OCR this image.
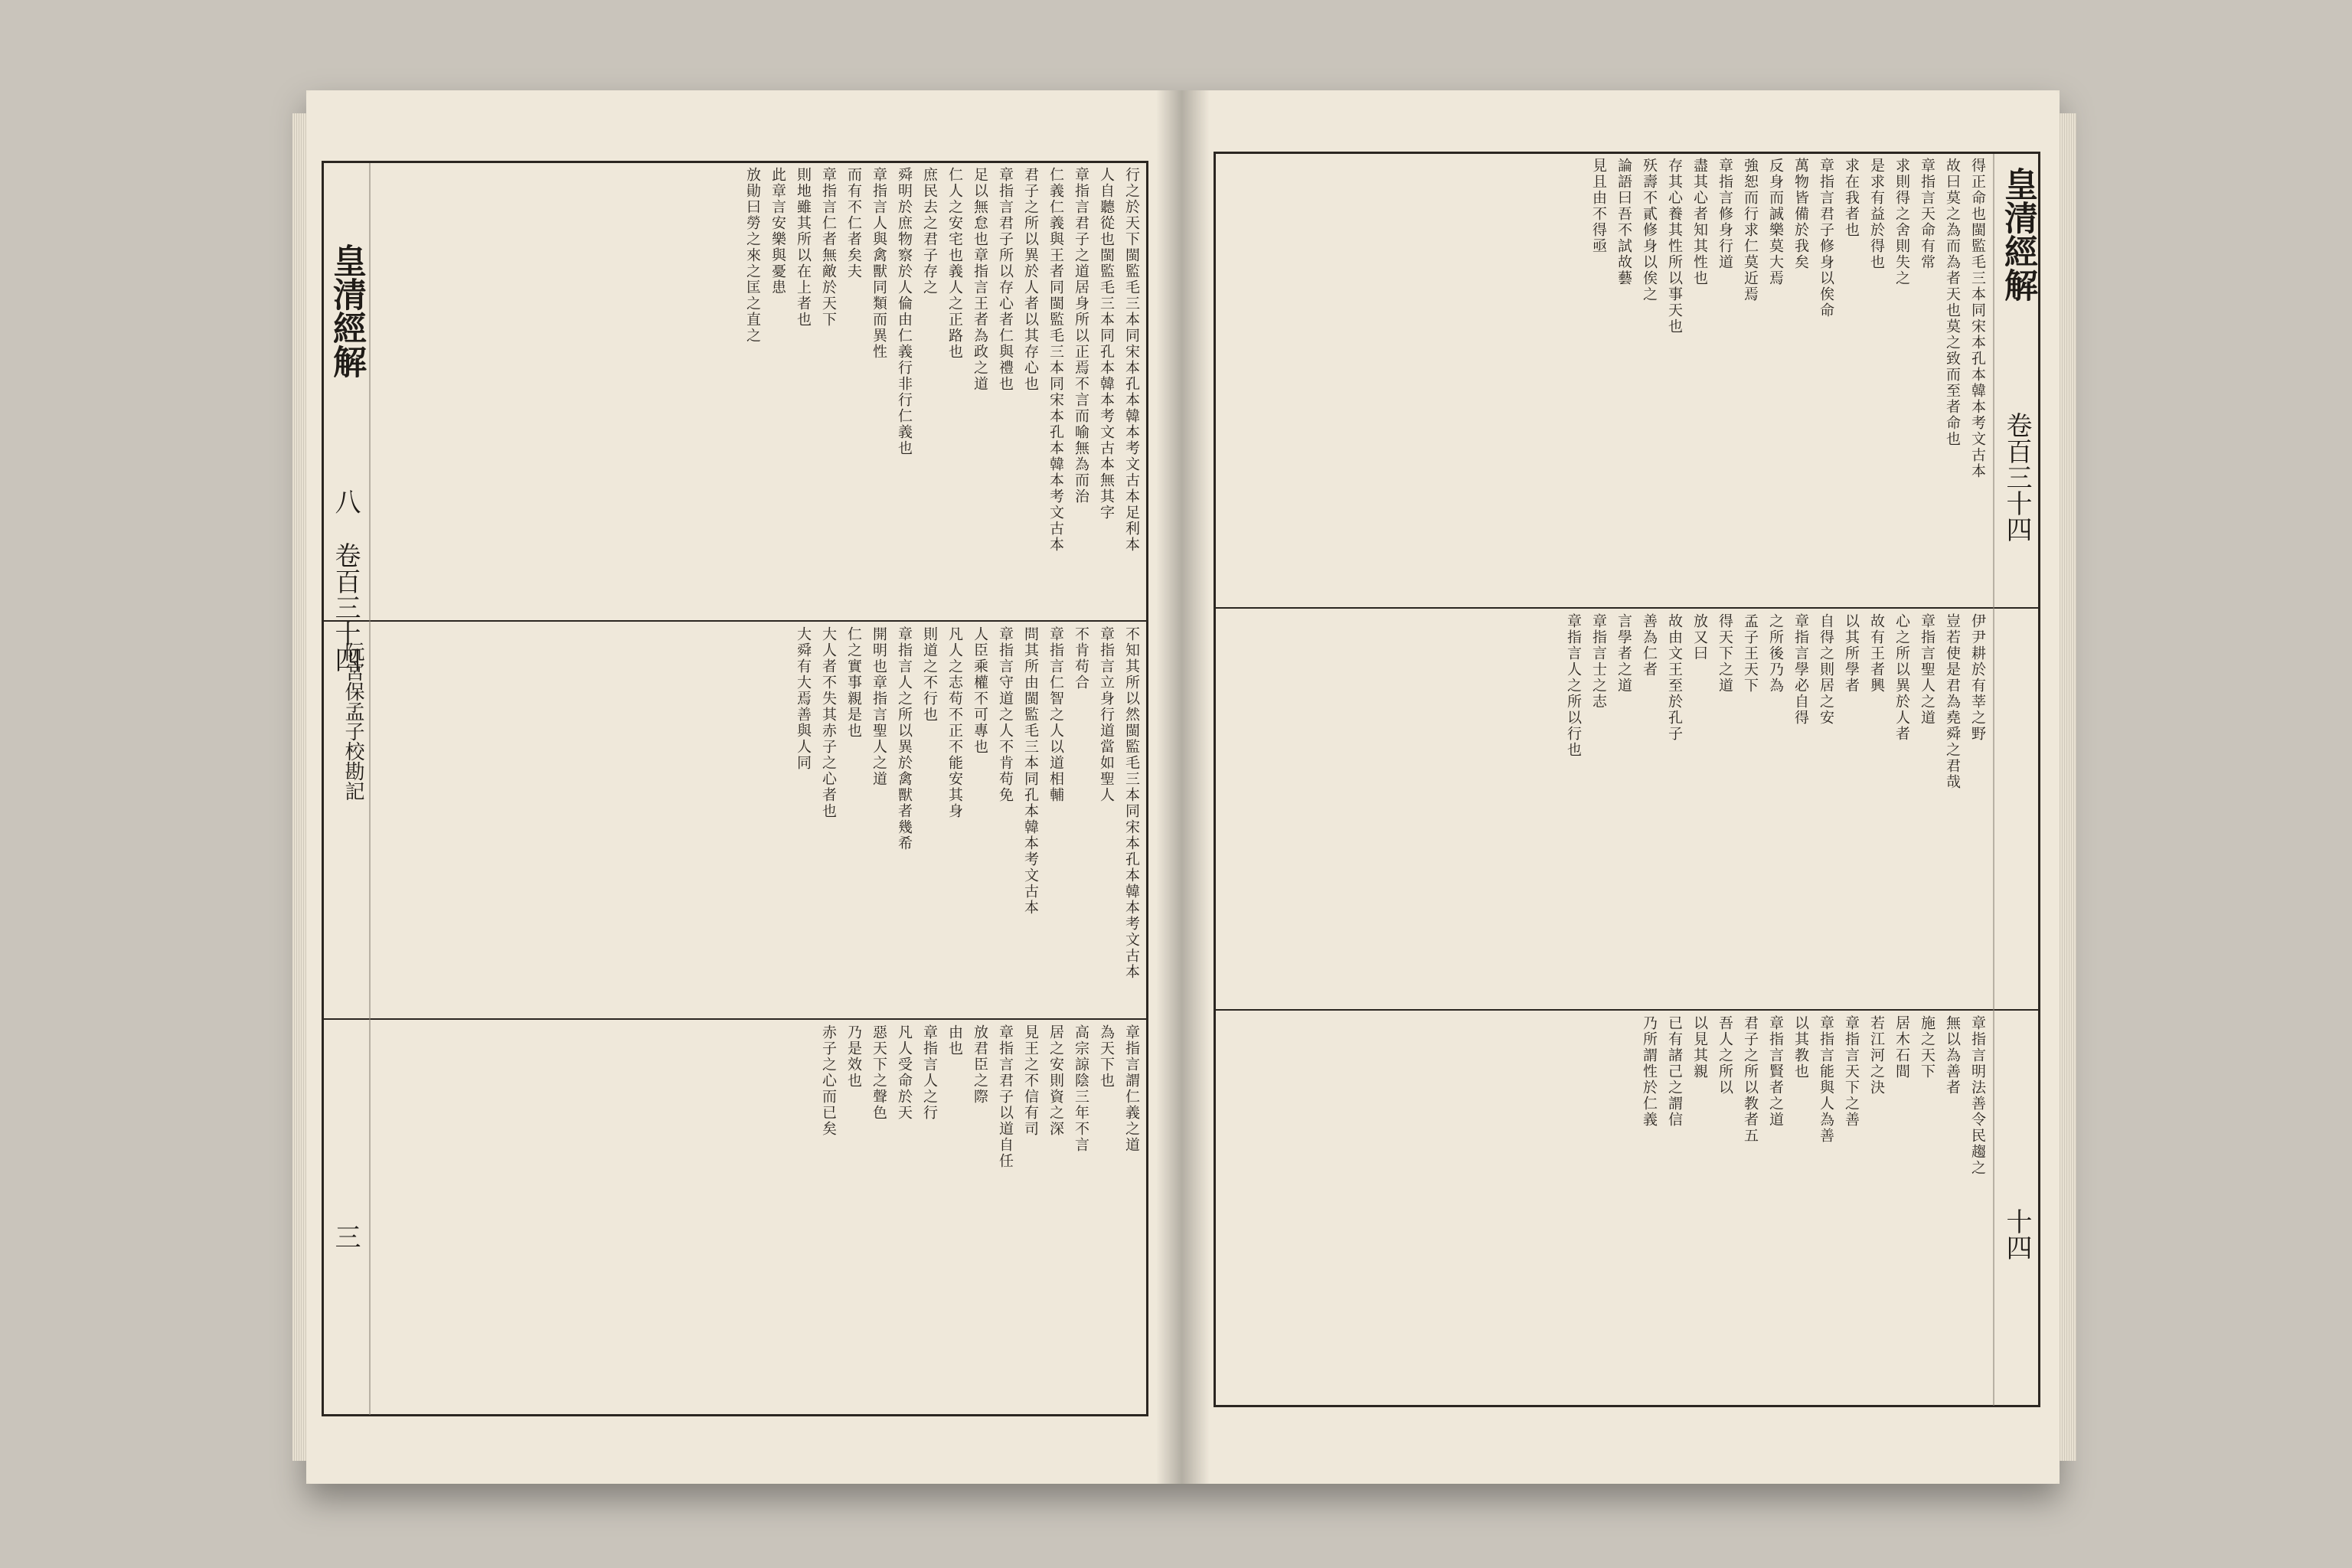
皇清經解
八
卷百三十四
三
阮宮保孟子校勘記
行之於天下閩監毛三本同宋本孔本韓本考文古本足利本
人自聽從也閩監毛三本同孔本韓本考文古本無其字
章指言君子之道居身所以正焉不言而喻無為而治
仁義仁義與王者同閩監毛三本同宋本孔本韓本考文古本
君子之所以異於人者以其存心也
章指言君子所以存心者仁與禮也
足以無怠也章指言王者為政之道
仁人之安宅也義人之正路也
庶民去之君子存之
舜明於庶物察於人倫由仁義行非行仁義也
章指言人與禽獸同類而異性
而有不仁者矣夫
章指言仁者無敵於天下
則地雖其所以在上者也
此章言安樂與憂患
放勛曰勞之來之匡之直之
不知其所以然閩監毛三本同宋本孔本韓本考文古本
章指言立身行道當如聖人
不肯苟合
章指言仁智之人以道相輔
問其所由閩監毛三本同孔本韓本考文古本
章指言守道之人不肯苟免
人臣乘權不可專也
凡人之志苟不正不能安其身
則道之不行也
章指言人之所以異於禽獸者幾希
開明也章指言聖人之道
仁之實事親是也
大人者不失其赤子之心者也
大舜有大焉善與人同
章指言謂仁義之道
為天下也
高宗諒陰三年不言
居之安則資之深
見王之不信有司
章指言君子以道自任
放君臣之際
由也
章指言人之行
凡人受命於天
惡天下之聲色
乃是效也
赤子之心而已矣
皇清經解
卷百三十四
十四
得正命也閩監毛三本同宋本孔本韓本考文古本
故曰莫之為而為者天也莫之致而至者命也
章指言天命有常
求則得之舍則失之
是求有益於得也
求在我者也
章指言君子修身以俟命
萬物皆備於我矣
反身而誠樂莫大焉
強恕而行求仁莫近焉
章指言修身行道
盡其心者知其性也
存其心養其性所以事天也
殀壽不貳修身以俟之
論語曰吾不試故藝
見且由不得亟
伊尹耕於有莘之野
豈若使是君為堯舜之君哉
章指言聖人之道
心之所以異於人者
故有王者興
以其所學者
自得之則居之安
章指言學必自得
之所後乃為
孟子王天下
得天下之道
放又曰
故由文王至於孔子
善為仁者
言學者之道
章指言士之志
章指言人之所以行也
章指言明法善令民趨之
無以為善者
施之天下
居木石間
若江河之決
章指言天下之善
章指言能與人為善
以其教也
章指言賢者之道
君子之所以教者五
吾人之所以
以見其親
已有諸己之謂信
乃所謂性於仁義
